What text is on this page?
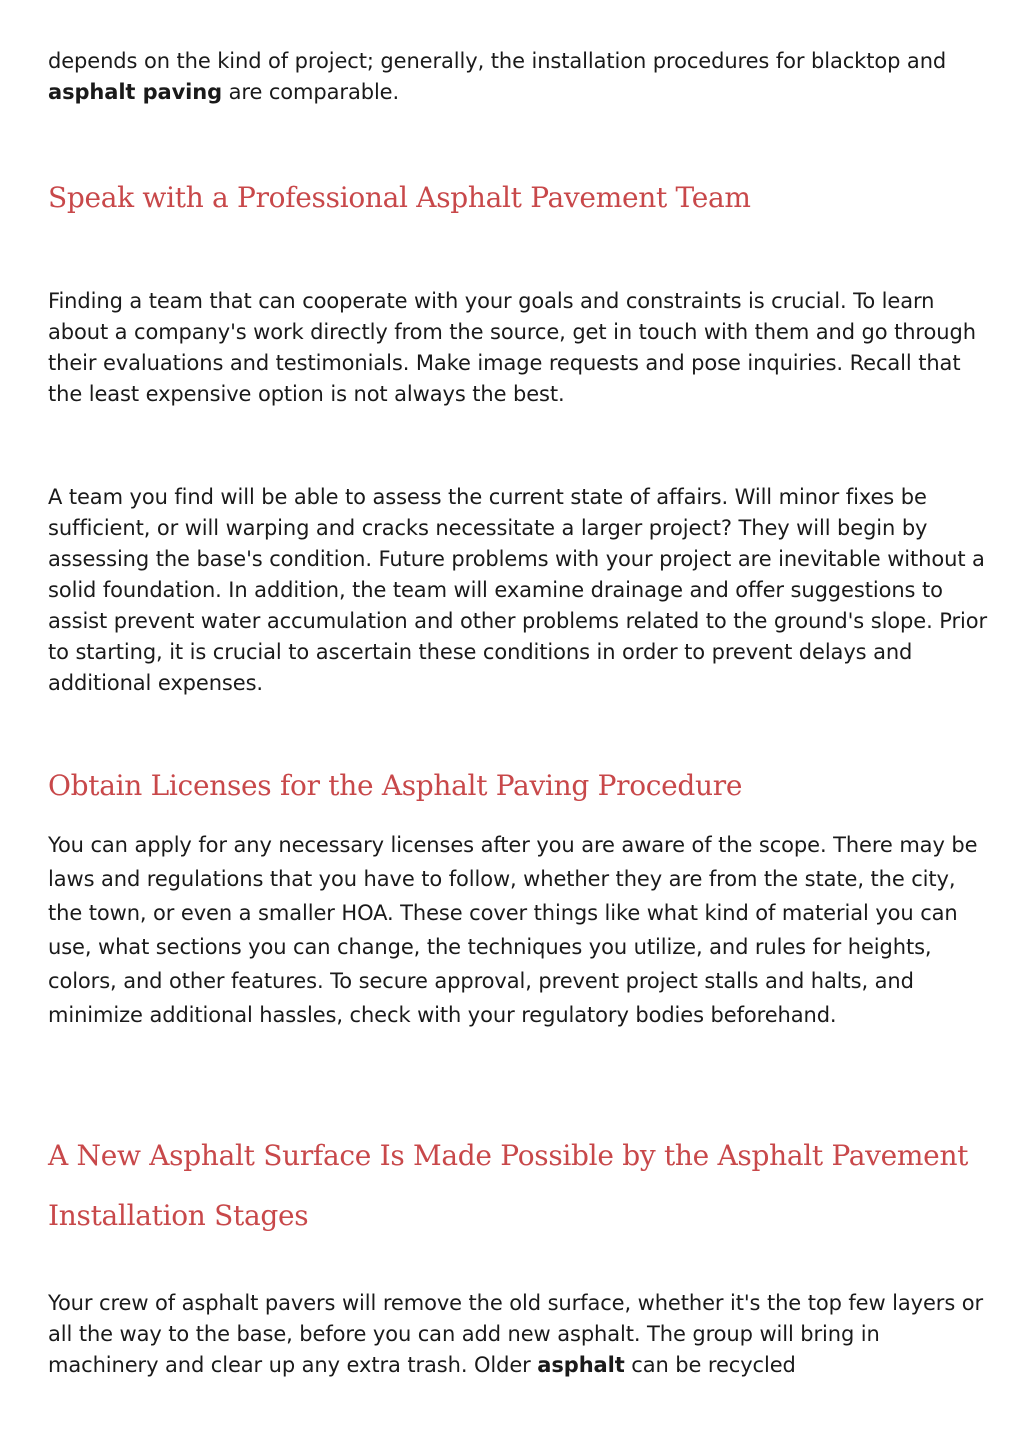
depends on the kind of project; generally, the installation procedures for blacktop and asphalt paving are comparable.

Speak with a Professional Asphalt Pavement Team

Finding a team that can cooperate with your goals and constraints is crucial. To learn about a company's work directly from the source, get in touch with them and go through their evaluations and testimonials. Make image requests and pose inquiries. Recall that the least expensive option is not always the best.

A team you find will be able to assess the current state of affairs. Will minor fixes be sufficient, or will warping and cracks necessitate a larger project? They will begin by assessing the base's condition. Future problems with your project are inevitable without a solid foundation. In addition, the team will examine drainage and offer suggestions to assist prevent water accumulation and other problems related to the ground's slope. Prior to starting, it is crucial to ascertain these conditions in order to prevent delays and additional expenses.

Obtain Licenses for the Asphalt Paving Procedure

You can apply for any necessary licenses after you are aware of the scope. There may be laws and regulations that you have to follow, whether they are from the state, the city, the town, or even a smaller HOA. These cover things like what kind of material you can use, what sections you can change, the techniques you utilize, and rules for heights, colors, and other features. To secure approval, prevent project stalls and halts, and minimize additional hassles, check with your regulatory bodies beforehand.

A New Asphalt Surface Is Made Possible by the Asphalt Pavement Installation Stages

Your crew of asphalt pavers will remove the old surface, whether it's the top few layers or all the way to the base, before you can add new asphalt. The group will bring in machinery and clear up any extra trash. Older asphalt can be recycled
